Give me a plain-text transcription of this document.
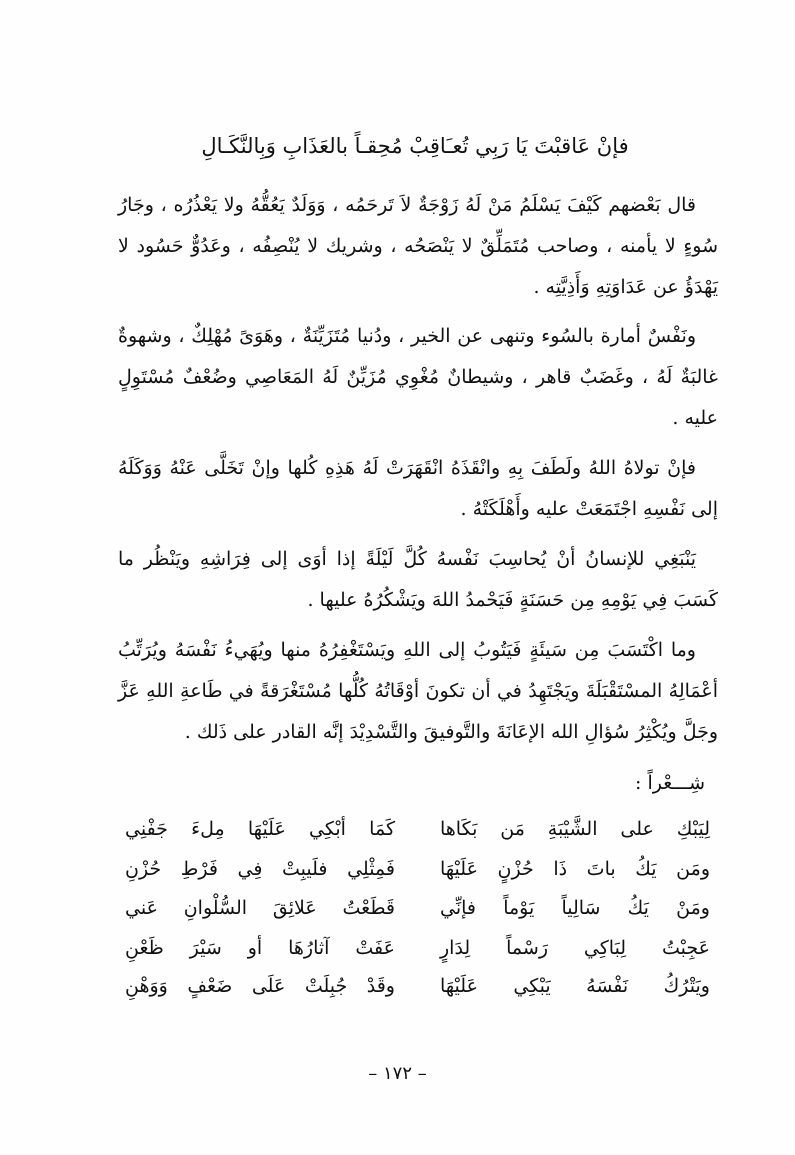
فإنْ عَاقبْتَ يَا رَبِي تُعـَاقِبْ مُحِقـاً بالعَذَابِ وَبِالنَّكَـالِ
قال بَعْضهم كَيْفَ يَسْلَمُ مَنْ لَهُ زَوْجَةٌ لاَ تَرحَمُه ، وَوَلَدٌ يَعُقُّهُ ولا يَعْذُرُه ، وجَارُ سُوءٍ لا يأمنه ، وصاحب مُتَمَلِّقٌ لا يَنْصَحُه ، وشريك لا يُنْصِفُه ، وعَدُوٌّ حَسُود لا يَهْدَؤُ عن عَدَاوَتِهِ وَأَذِيَّتِه .
ونَفْسٌ أمارة بالسُوء وتنهى عن الخير ، ودُنيا مُتَزَيِّنَةٌ ، وهَوَىً مُهْلِكٌ ، وشهوةٌ غالبَةٌ لَهُ ، وغَضَبٌ قاهر ، وشيطانٌ مُغْوِي مُزَيِّنٌ لَهُ المَعَاصِي وضُعْفٌ مُسْتَوِلٍ عليه .
فإنْ تولاهُ اللهُ ولَطَفَ بِهِ وانْقَذَهُ انْقَهَرَتْ لَهُ هَذِهِ كُلها وإنْ تَخَلَّى عَنْهُ وَوَكَلَهُ إلى نَفْسِهِ اجْتَمَعَتْ عليه وأَهْلَكَتْهُ .
يَنْبَغِي للإنسانُ أنْ يُحاسِبَ نَفْسهُ كُلَّ لَيْلَةً إذا أوَى إلى فِرَاشِهِ ويَنْظُر ما كَسَبَ فِي يَوْمِهِ مِن حَسَنَةٍ فَيَحْمدُ اللهَ ويَشْكُرُهُ عليها .
وما اكْتَسَبَ مِن سَيئَةٍ فَيَتُوبُ إلى اللهِ ويَسْتَغْفِرُهُ منها ويُهَيءُ نَفْسَهُ ويُرَتِّبُ أعْمَالِهُ المسْتَقْبَلَةَ ويَجْتَهِدُ في أن تكونَ أوْقَاتُهُ كُلُّها مُسْتَغْرَقةً في طَاعةِ اللهِ عَزَّ وجَلَّ ويُكْثِرُ سُؤالِ الله الإعَانَةَ والتَّوفيقَ والتَّسْدِيْدَ إنَّه القادر على ذَلك .
شِـــعْراً :
لِيَبْكِ على الشَّيْبَةِ مَن بَكَاها
كَمَا أبْكِي عَلَيْهَا مِلءَ جَفْنِي
ومَن يَكُ باتَ ذَا حُزْنٍ عَلَيْهَا
فَمِثْلِي فلَيبِتْ فِي فَرْطِ حُزْنِ
ومَنْ يَكُ سَالِياً يَوْماً فإنِّي
قَطَعْتُ عَلائِقَ السُّلْوانِ عَني
عَجِبْتُ لِبَاكِي رَسْماً لِدَارٍ
عَفَتْ آثارُهَا أو سَيْرَ ظَعْنِ
ويَتْرُكُ نَفْسَهُ يَبْكِي عَلَيْهَا
وقَدْ جُبِلَتْ عَلَى ضَعْفٍ وَوَهْنِ
– ١٧٢ –
